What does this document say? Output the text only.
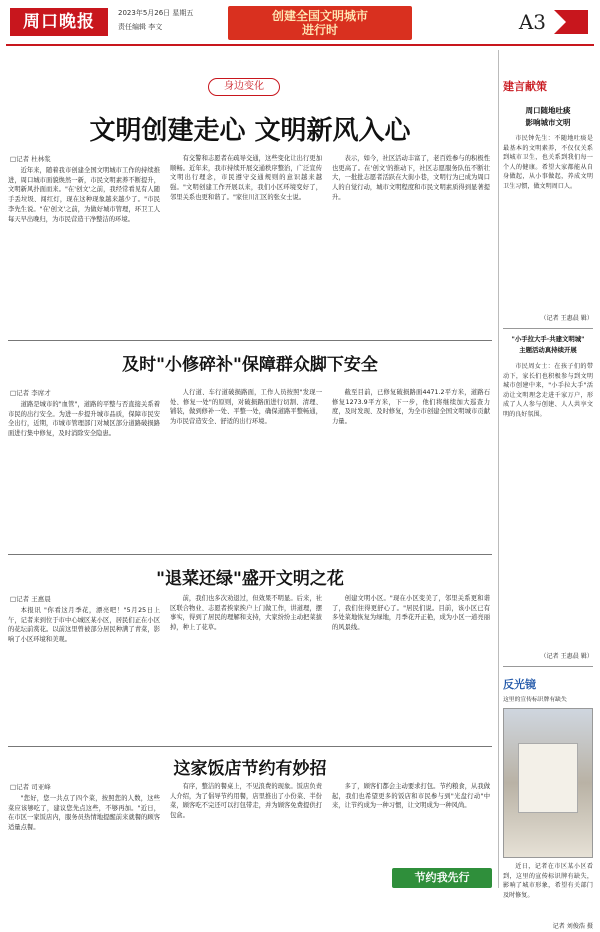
周口晚报	2023年5月26日 星期五
责任编辑 李文
创建全国文明城市
进行时	A3
身边变化
文明创建走心 文明新风入心
□记者 杜林浆

近年来，随着我市创建全国文明城市工作的持续推进，周口城市面貌焕然一新，市民文明素养不断提升，文明新风扑面而来。"在'创文'之前，我经常看见有人随手丢垃圾、闯红灯，现在这种现象越来越少了。"市民李先生说。"在'创文'之前，为做好城市管理，环卫工人每天早出晚归，为市民营造干净整洁的环境。

有交警和志愿者在疏导交通，这些变化让出行更加顺畅。近年来，我市持续开展交通秩序整治，广泛宣传文明出行理念，市民遵守交通规则的意识越来越强。"文明创建工作开展以来，我们小区环境变好了，邻里关系也更和谐了。"家住川汇区的张女士说。

表示，如今，社区活动丰富了，老百姓参与的积极性也更高了。在'创文'的推动下，社区志愿服务队伍不断壮大，一批批志愿者活跃在大街小巷，文明行为已成为周口人的自觉行动，城市文明程度和市民文明素质得到显著提升。

及时"小修碎补"保障群众脚下安全
□记者 李席才

道路是城市的"血管"，道路的平整与否直接关系着市民的出行安全。为进一步提升城市品质，保障市民安全出行，近期，市城市管理部门对城区部分道路破损路面进行集中修复，及时消除安全隐患。

人行道、车行道破损路面，工作人员按照"发现一处、修复一处"的原则，对破损路面进行切割、清理、铺装，做到修补一处、平整一处，确保道路平整畅通，为市民营造安全、舒适的出行环境。

截至目前，已修复破损路面4471.2平方米，道路石修复1273.9平方米，下一步，他们将继续加大巡查力度，及时发现、及时修复，为全市创建全国文明城市贡献力量。

"退菜还绿"盛开文明之花
□记者 王惠晨

本报讯 "你看这月季花，漂亮吧！"5月25日上午，记者来到位于市中心城区某小区，居民们正在小区的花坛前赏花。以前这里曾被部分居民种满了青菜，影响了小区环境和美观。

前，我们也多次劝退过，但效果不明显。后来，社区联合物业、志愿者挨家挨户上门做工作，讲道理，摆事实，得到了居民的理解和支持，大家纷纷主动把菜拔掉，种上了花草。

创建文明小区。"现在小区变美了，邻里关系更和谐了，我们住得更舒心了。"居民们说。目前，该小区已有多处菜地恢复为绿地，月季花开正艳，成为小区一道亮丽的风景线。

这家饭店节约有妙招
□记者 司亚峰

"您好，您一共点了四个菜，按照您的人数，这些菜应该够吃了，建议您先点这些，不够再加。"近日，在市区一家饭店内，服务员热情地提醒前来就餐的顾客适量点餐。

有序，整洁的餐桌上，不见浪费的现象。饭店负责人介绍，为了倡导节约用餐，店里推出了小份菜、半份菜，顾客吃不完还可以打包带走，并为顾客免费提供打包盒。

多了，顾客们都会主动要求打包。节约粮食，从我做起，我们也希望更多的饭店和市民参与到"光盘行动"中来，让节约成为一种习惯，让文明成为一种风尚。

节约我先行
建言献策
周口随地吐痰
影响城市文明

市民钟先生：不随地吐痰是最基本的文明素养，不仅仅关系到城市卫生，也关系到我们每一个人的健康。希望大家都能从自身做起，从小事做起，养成文明卫生习惯，做文明周口人。

（记者 王惠晨 辑）
"小手拉大手·共建文明城"
主题活动真持续开展

市民周女士：在孩子们的带动下，家长们也积极参与到文明城市创建中来，"小手拉大手"活动让文明理念走进千家万户，形成了人人参与创建、人人共享文明的良好氛围。

（记者 王惠晨 辑）
反光镜
这里的宣传标识牌有缺失

近日，记者在市区某小区看到，这里的宣传标识牌有缺失，影响了城市形象，希望有关部门及时修复。

记者 刘俊浩 摄
